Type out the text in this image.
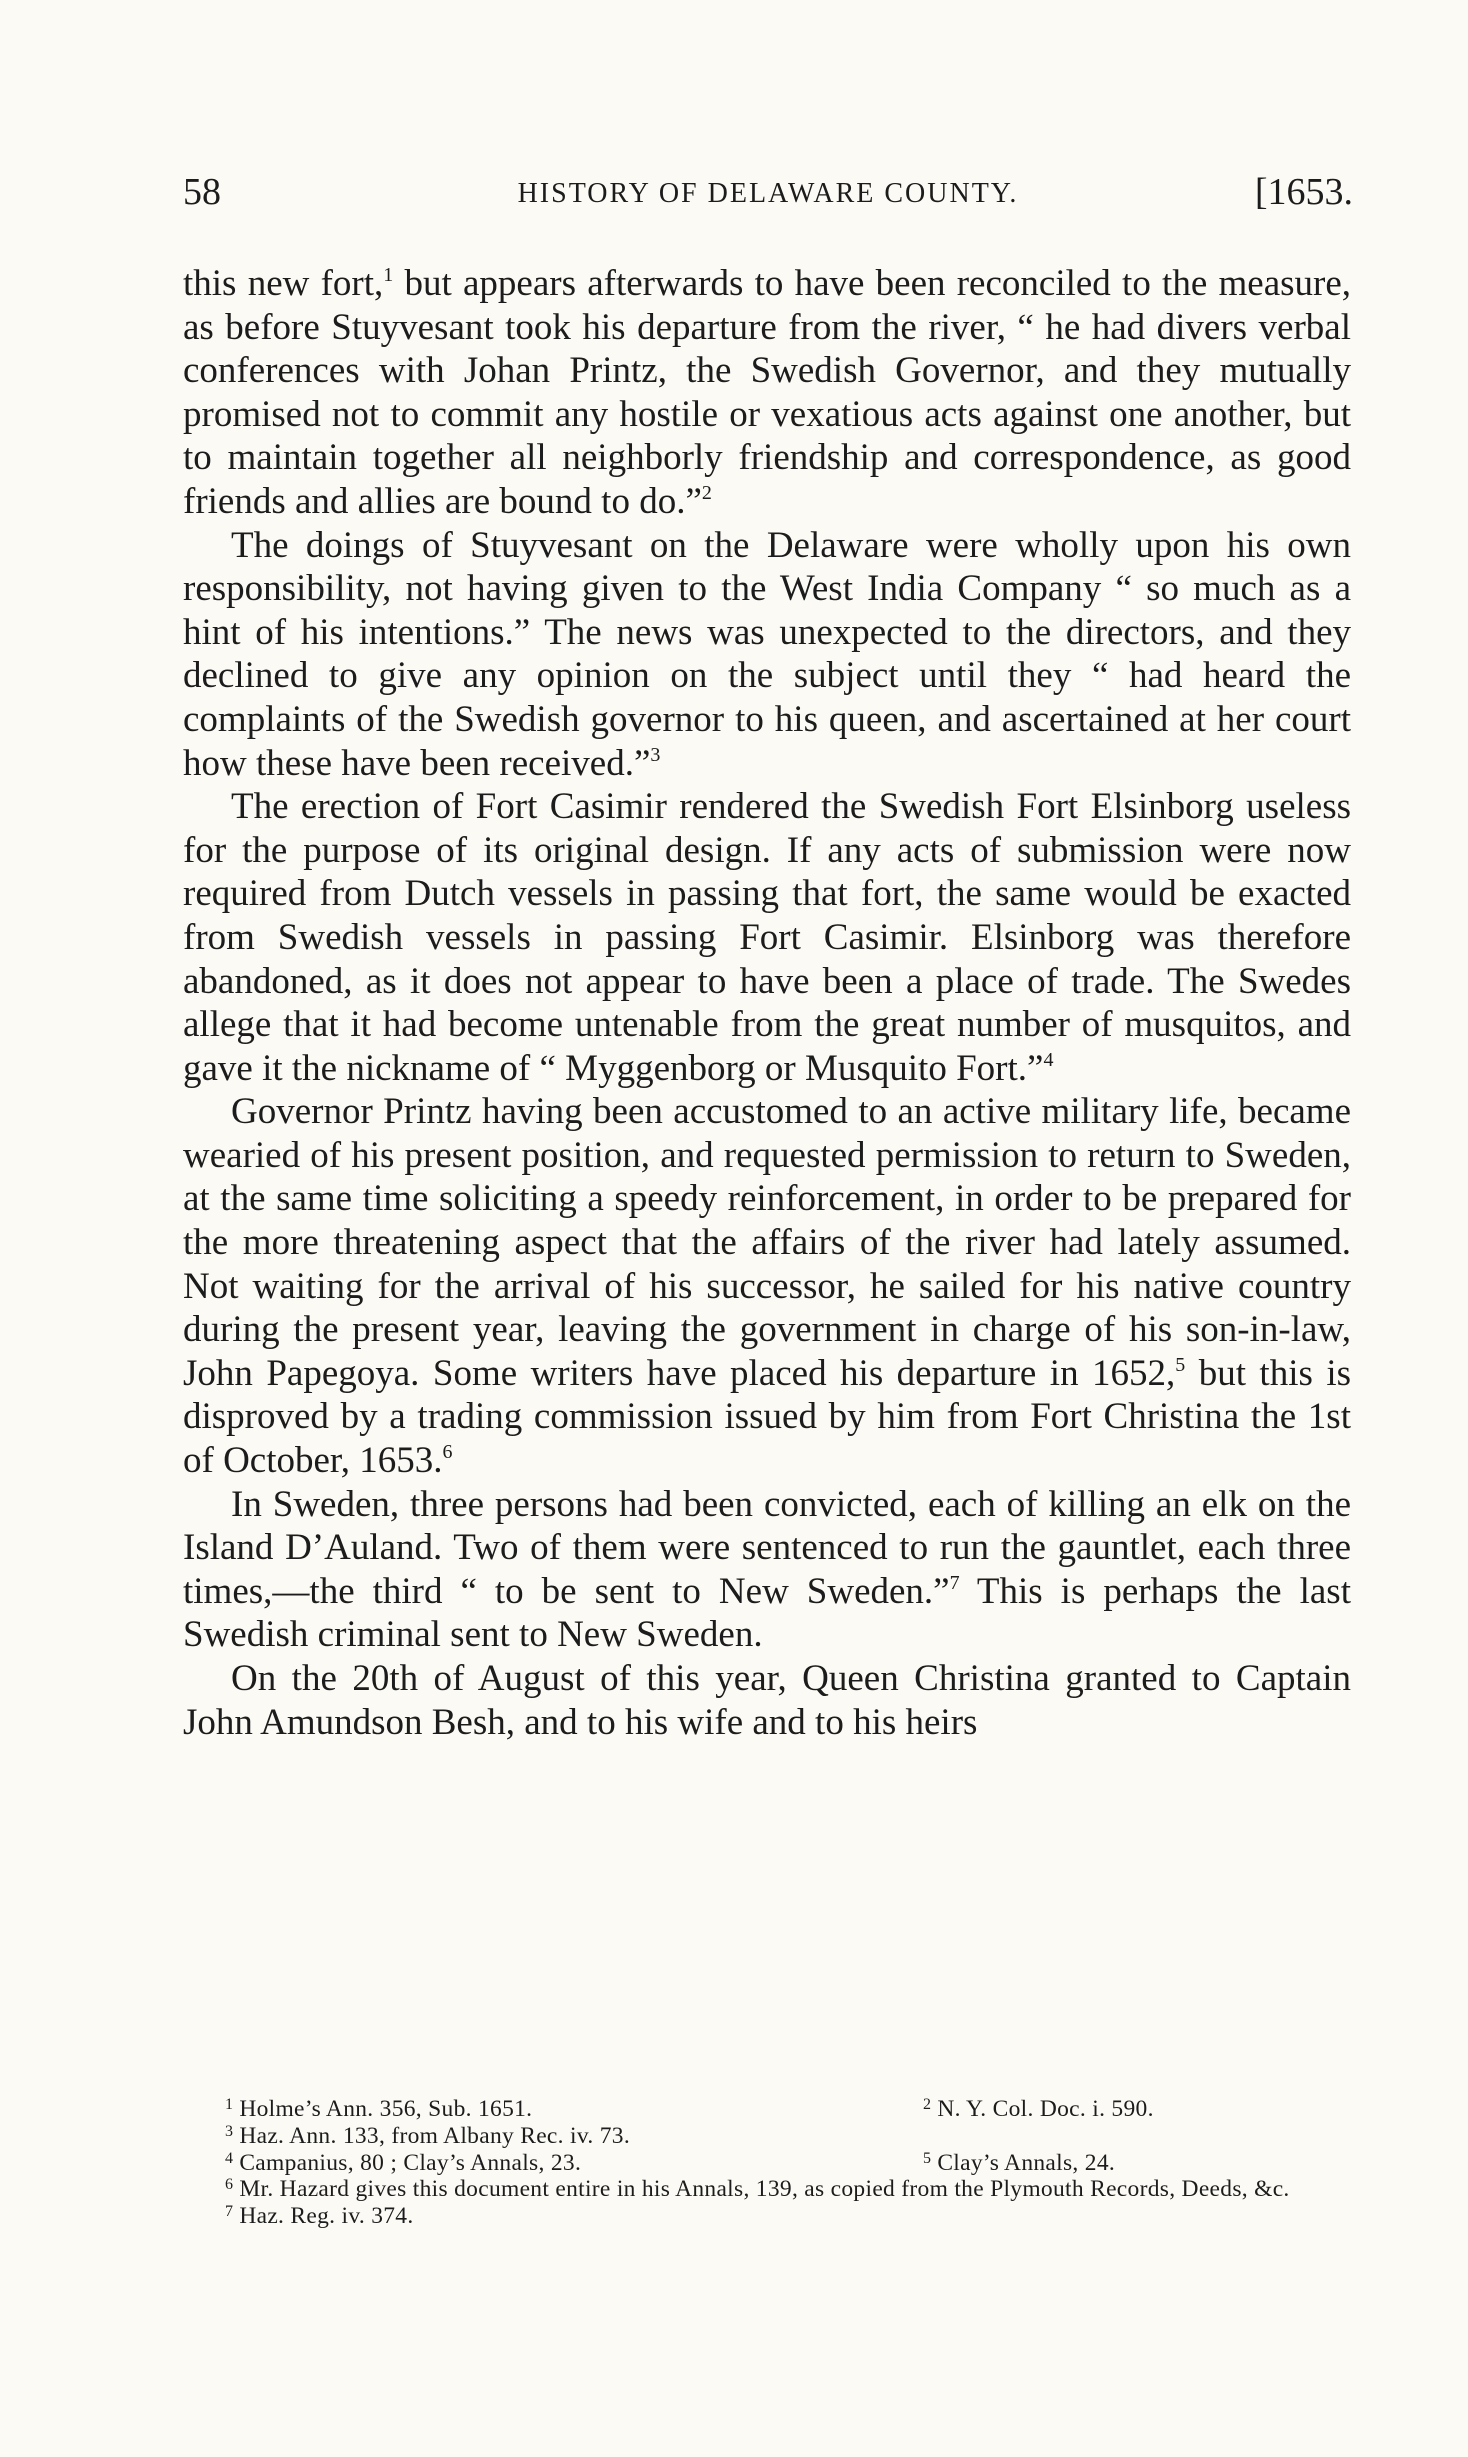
58	HISTORY OF DELAWARE COUNTY.	[1653.

this new fort,$^1$ but appears afterwards to have been reconciled to the measure, as before Stuyvesant took his departure from the river, “ he had divers verbal conferences with Johan Printz, the Swedish Governor, and they mutually promised not to commit any hostile or vexatious acts against one another, but to maintain together all neighborly friendship and correspondence, as good friends and allies are bound to do.”$^2$

The doings of Stuyvesant on the Delaware were wholly upon his own responsibility, not having given to the West India Company “ so much as a hint of his intentions.” The news was unexpected to the directors, and they declined to give any opinion on the subject until they “ had heard the complaints of the Swedish governor to his queen, and ascertained at her court how these have been received.”$^3$

The erection of Fort Casimir rendered the Swedish Fort Elsinborg useless for the purpose of its original design. If any acts of submission were now required from Dutch vessels in passing that fort, the same would be exacted from Swedish vessels in passing Fort Casimir. Elsinborg was therefore abandoned, as it does not appear to have been a place of trade. The Swedes allege that it had become untenable from the great number of musquitos, and gave it the nickname of “ Myggenborg or Musquito Fort.”$^4$

Governor Printz having been accustomed to an active military life, became wearied of his present position, and requested permission to return to Sweden, at the same time soliciting a speedy reinforcement, in order to be prepared for the more threatening aspect that the affairs of the river had lately assumed. Not waiting for the arrival of his successor, he sailed for his native country during the present year, leaving the government in charge of his son-in-law, John Papegoya. Some writers have placed his departure in 1652,$^5$ but this is disproved by a trading commission issued by him from Fort Christina the 1st of October, 1653.$^6$

In Sweden, three persons had been convicted, each of killing an elk on the Island D’Auland. Two of them were sentenced to run the gauntlet, each three times,—the third “ to be sent to New Sweden.”$^7$ This is perhaps the last Swedish criminal sent to New Sweden.

On the 20th of August of this year, Queen Christina granted to Captain John Amundson Besh, and to his wife and to his heirs

$^1$ Holme’s Ann. 356, Sub. 1651.	$^2$ N. Y. Col. Doc. i. 590.
$^3$ Haz. Ann. 133, from Albany Rec. iv. 73.
$^4$ Campanius, 80 ; Clay’s Annals, 23.	$^5$ Clay’s Annals, 24.
$^6$ Mr. Hazard gives this document entire in his Annals, 139, as copied from the Plymouth Records, Deeds, &c.
$^7$ Haz. Reg. iv. 374.
